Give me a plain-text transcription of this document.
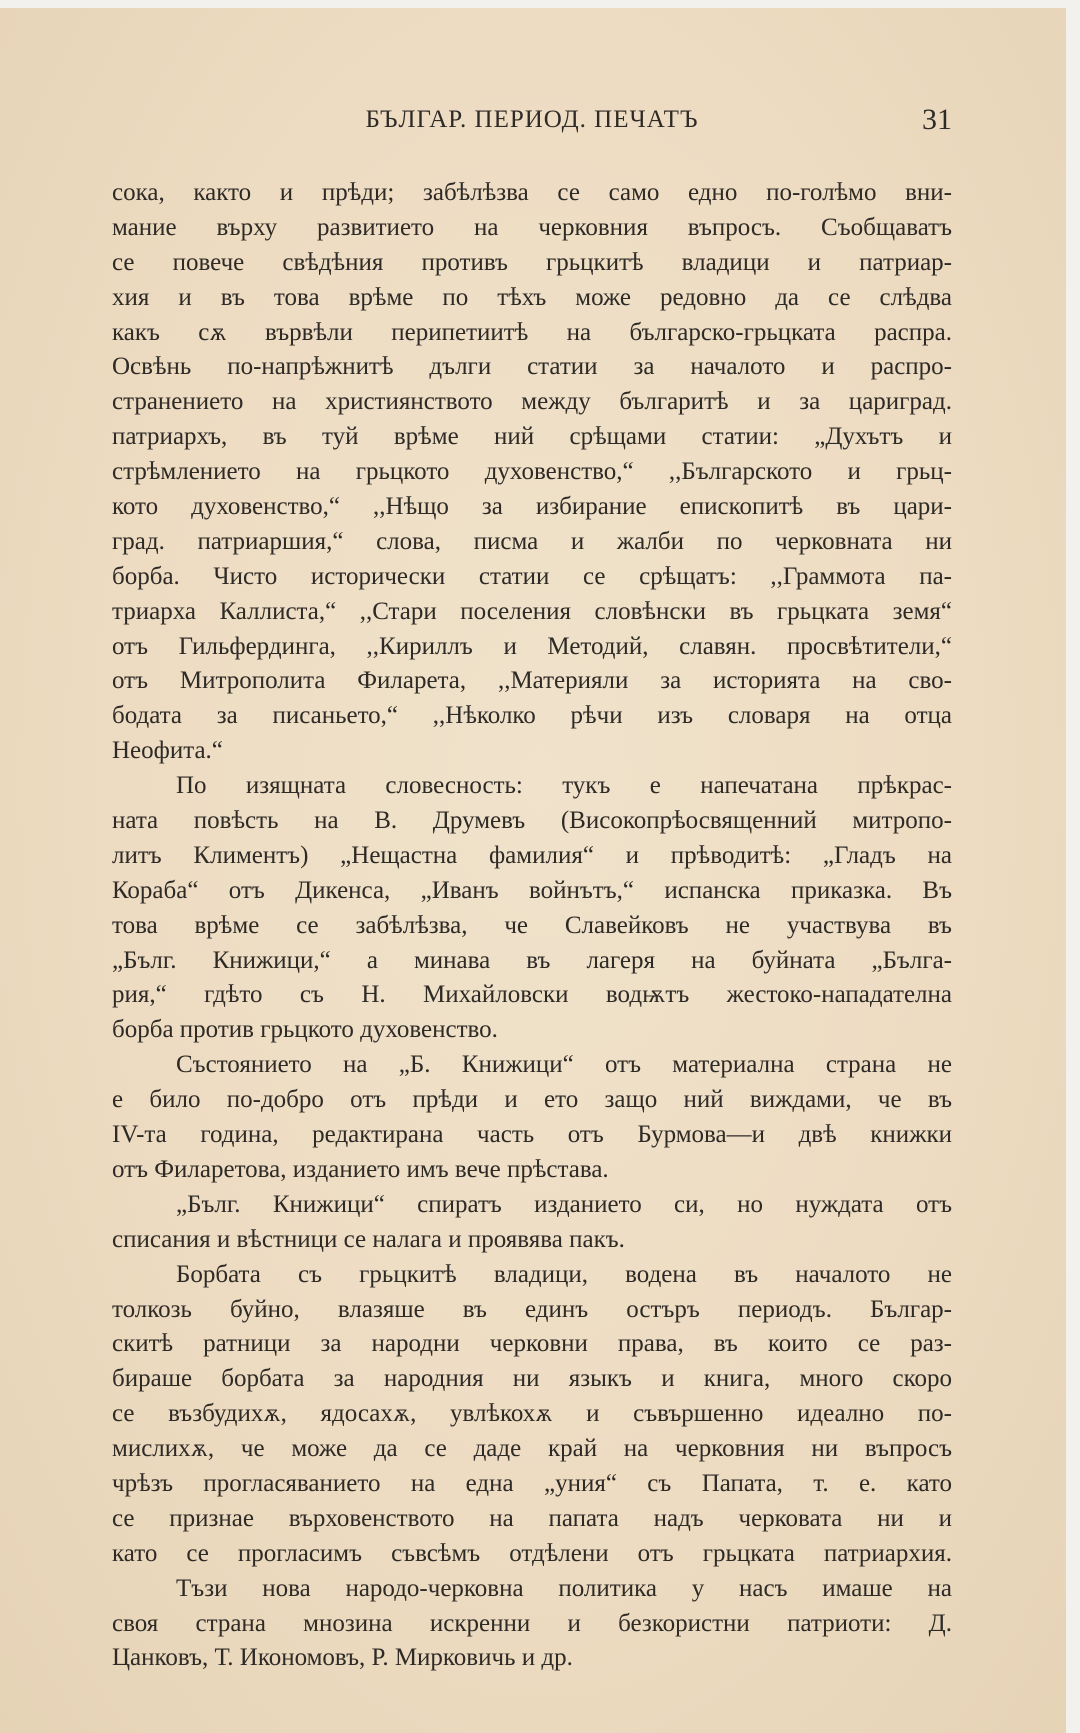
БЪЛГАР. ПЕРИОД. ПЕЧАТЪ	31
сока, както и прѣди; забѣлѣзва се само едно по-голѣмо вни-
мание върху развитието на черковния въпросъ. Съобщаватъ
се повече свѣдѣния противъ грьцкитѣ владици и патриар-
хия и въ това врѣме по тѣхъ може редовно да се слѣдва
какъ сѫ вървѣли перипетиитѣ на българско-грьцката распра.
Освѣнь по-напрѣжнитѣ дълги статии за началото и распро-
странението на християнството между българитѣ и за цариград.
патриархъ, въ туй врѣме ний срѣщами статии: „Духътъ и
стрѣмлението на грьцкото духовенство,“ ,,Българското и грьц-
кото духовенство,“ ,,Нѣщо за избирание епископитѣ въ цари-
град. патриаршия,“ слова, писма и жалби по черковната ни
борба. Чисто исторически статии се срѣщатъ: ,,Граммота па-
триарха Каллиста,“ ,,Стари поселения словѣнски въ грьцката земя“
отъ Гильфердинга, ,,Кириллъ и Методий, славян. просвѣтители,“
отъ Митрополита Филарета, ,,Материяли за историята на сво-
бодата за писаньето,“ ,,Нѣколко рѣчи изъ словаря на отца
Неофита.“
По изящната словесность: тукъ е напечатана прѣкрас-
ната повѣсть на В. Друмевъ (Високопрѣосвященний митропо-
литъ Климентъ) „Нещастна фамилия“ и прѣводитѣ: „Гладъ на
Кораба“ отъ Дикенса, „Иванъ войнътъ,“ испанска приказка. Въ
това врѣме се забѣлѣзва, че Славейковъ не участвува въ
„Бълг. Книжици,“ а минава въ лагеря на буйната „Бълга-
рия,“ гдѣто съ Н. Михайловски водѭтъ жестоко-нападателна
борба против грьцкото духовенство.
Състоянието на „Б. Книжици“ отъ материална страна не
е било по-добро отъ прѣди и ето защо ний виждами, че въ
IV-та година, редактирана часть отъ Бурмова—и двѣ книжки
отъ Филаретова, изданието имъ вече прѣстава.
„Бълг. Книжици“ спиратъ изданието си, но нуждата отъ
списания и вѣстници се налага и проявява пакъ.
Борбата съ грьцкитѣ владици, водена въ началото не
толкозь буйно, влазяше въ единъ остъръ периодъ. Българ-
скитѣ ратници за народни черковни права, въ които се раз-
бираше борбата за народния ни языкъ и книга, много скоро
се възбудихѫ, ядосахѫ, увлѣкохѫ и съвършенно идеално по-
мислихѫ, че може да се даде край на черковния ни въпросъ
чрѣзъ прогласяванието на една „уния“ съ Папата, т. е. като
се признае върховенството на папата надъ черковата ни и
като се прогласимъ съвсѣмъ отдѣлени отъ грьцката патриархия.
Тъзи нова народо-черковна политика у насъ имаше на
своя страна мнозина искренни и безкористни патриоти: Д.
Цанковъ, Т. Икономовъ, Р. Мирковичь и др.
